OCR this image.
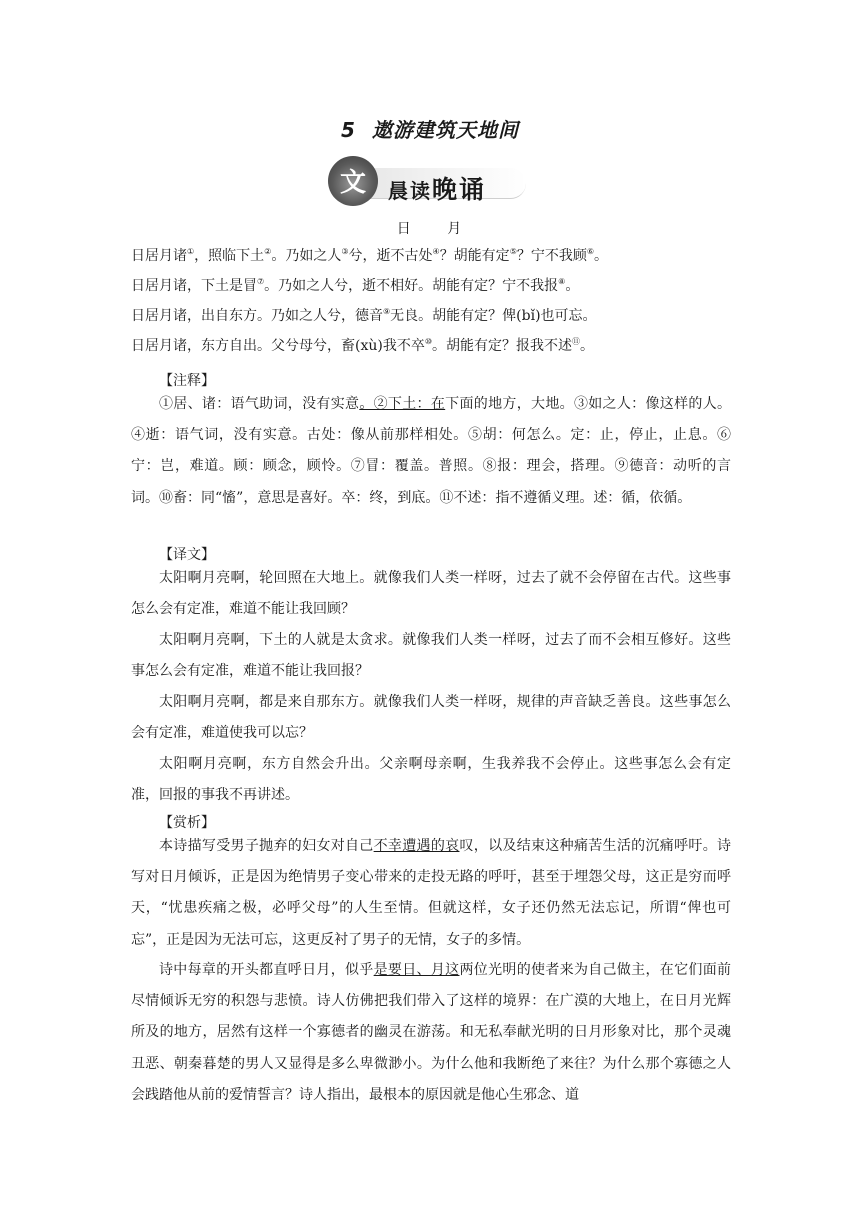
5 遨游建筑天地间
文	晨读晚诵
日 月
日居月诸①，照临下土②。乃如之人③兮，逝不古处④？胡能有定⑤？宁不我顾⑥。
日居月诸，下土是冒⑦。乃如之人兮，逝不相好。胡能有定？宁不我报⑧。
日居月诸，出自东方。乃如之人兮，德音⑨无良。胡能有定？俾(bǐ)也可忘。
日居月诸，东方自出。父兮母兮，畜(xù)我不卒⑩。胡能有定？报我不述⑪。
【注释】
①居、诸：语气助词，没有实意。②下土：在下面的地方，大地。③如之人：像这样的人。④逝：语气词，没有实意。古处：像从前那样相处。⑤胡：何怎么。定：止，停止，止息。⑥宁：岂，难道。顾：顾念，顾怜。⑦冒：覆盖。普照。⑧报：理会，搭理。⑨德音：动听的言词。⑩畜：同“慉”，意思是喜好。卒：终，到底。⑪不述：指不遵循义理。述：循，依循。
【译文】
太阳啊月亮啊，轮回照在大地上。就像我们人类一样呀，过去了就不会停留在古代。这些事怎么会有定准，难道不能让我回顾？
太阳啊月亮啊，下土的人就是太贪求。就像我们人类一样呀，过去了而不会相互修好。这些事怎么会有定准，难道不能让我回报？
太阳啊月亮啊，都是来自那东方。就像我们人类一样呀，规律的声音缺乏善良。这些事怎么会有定准，难道使我可以忘？
太阳啊月亮啊，东方自然会升出。父亲啊母亲啊，生我养我不会停止。这些事怎么会有定准，回报的事我不再讲述。
【赏析】
本诗描写受男子抛弃的妇女对自己不幸遭遇的哀叹，以及结束这种痛苦生活的沉痛呼吁。诗写对日月倾诉，正是因为绝情男子变心带来的走投无路的呼吁，甚至于埋怨父母，这正是穷而呼天，“忧患疾痛之极，必呼父母”的人生至情。但就这样，女子还仍然无法忘记，所谓“俾也可忘”，正是因为无法可忘，这更反衬了男子的无情，女子的多情。
诗中每章的开头都直呼日月，似乎是要日、月这两位光明的使者来为自己做主，在它们面前尽情倾诉无穷的积怨与悲愤。诗人仿佛把我们带入了这样的境界：在广漠的大地上，在日月光辉所及的地方，居然有这样一个寡德者的幽灵在游荡。和无私奉献光明的日月形象对比，那个灵魂丑恶、朝秦暮楚的男人又显得是多么卑微渺小。为什么他和我断绝了来往？为什么那个寡德之人会践踏他从前的爱情誓言？诗人指出，最根本的原因就是他心生邪念、道
